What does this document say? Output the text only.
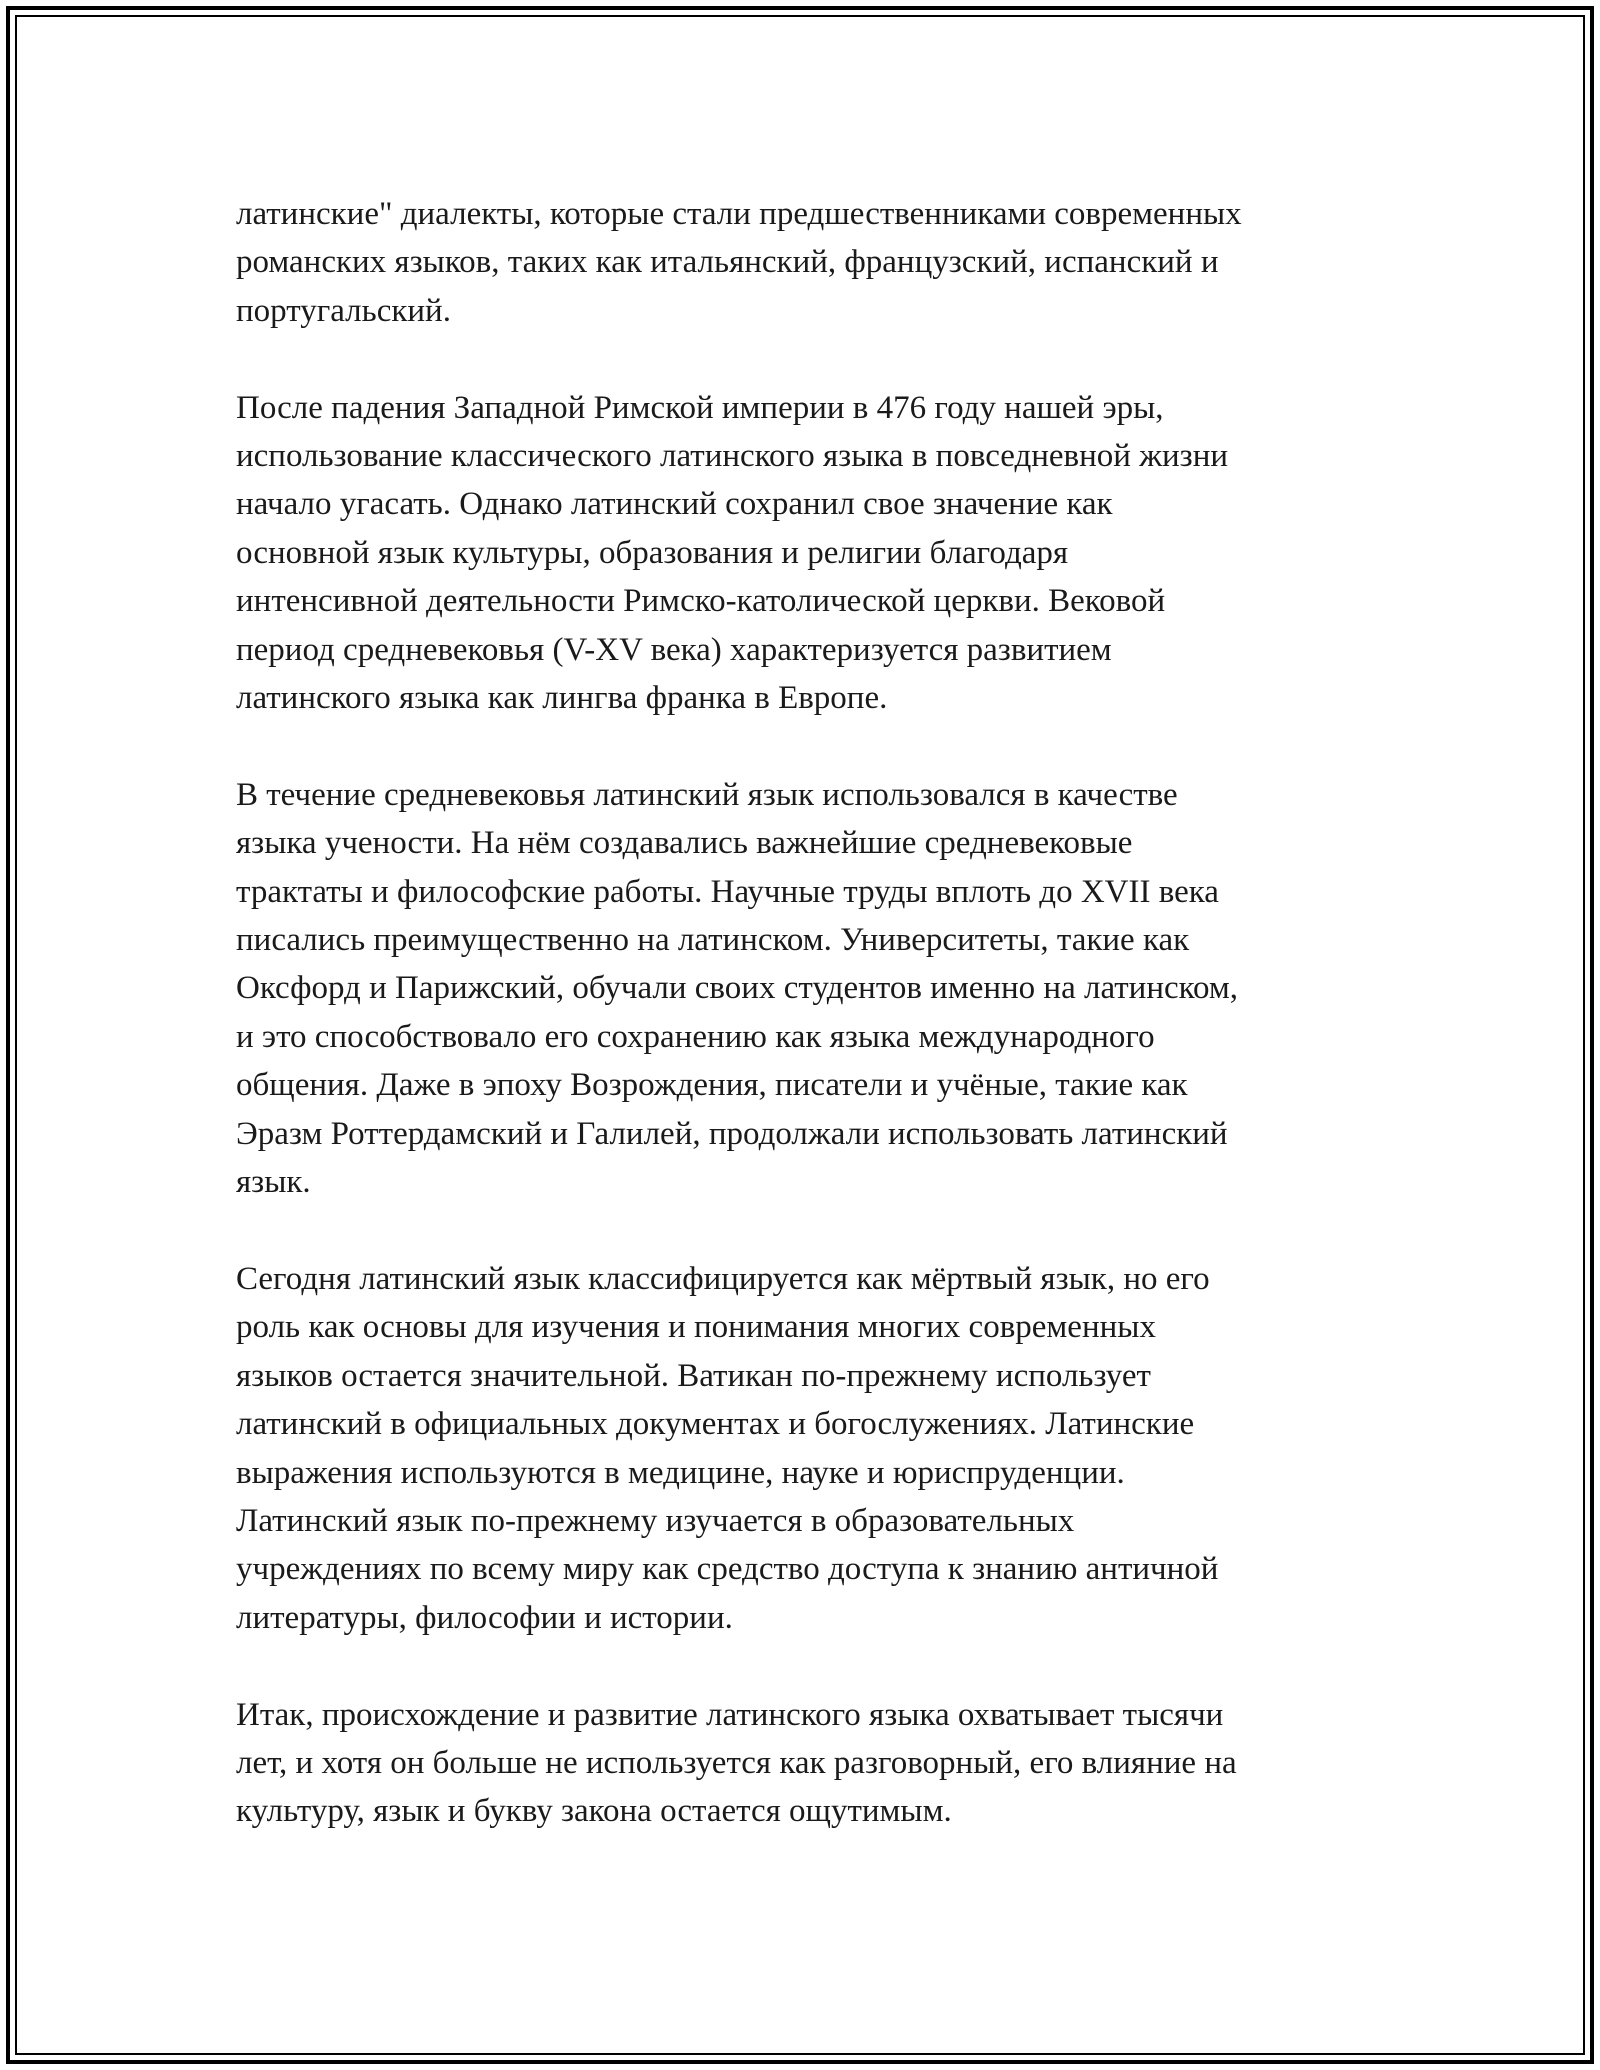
латинские" диалекты, которые стали предшественниками современных
романских языков, таких как итальянский, французский, испанский и
португальский.
После падения Западной Римской империи в 476 году нашей эры,
использование классического латинского языка в повседневной жизни
начало угасать. Однако латинский сохранил свое значение как
основной язык культуры, образования и религии благодаря
интенсивной деятельности Римско-католической церкви. Вековой
период средневековья (V-XV века) характеризуется развитием
латинского языка как лингва франка в Европе.
В течение средневековья латинский язык использовался в качестве
языка учености. На нём создавались важнейшие средневековые
трактаты и философские работы. Научные труды вплоть до XVII века
писались преимущественно на латинском. Университеты, такие как
Оксфорд и Парижский, обучали своих студентов именно на латинском,
и это способствовало его сохранению как языка международного
общения. Даже в эпоху Возрождения, писатели и учёные, такие как
Эразм Роттердамский и Галилей, продолжали использовать латинский
язык.
Сегодня латинский язык классифицируется как мёртвый язык, но его
роль как основы для изучения и понимания многих современных
языков остается значительной. Ватикан по-прежнему использует
латинский в официальных документах и богослужениях. Латинские
выражения используются в медицине, науке и юриспруденции.
Латинский язык по-прежнему изучается в образовательных
учреждениях по всему миру как средство доступа к знанию античной
литературы, философии и истории.
Итак, происхождение и развитие латинского языка охватывает тысячи
лет, и хотя он больше не используется как разговорный, его влияние на
культуру, язык и букву закона остается ощутимым.
